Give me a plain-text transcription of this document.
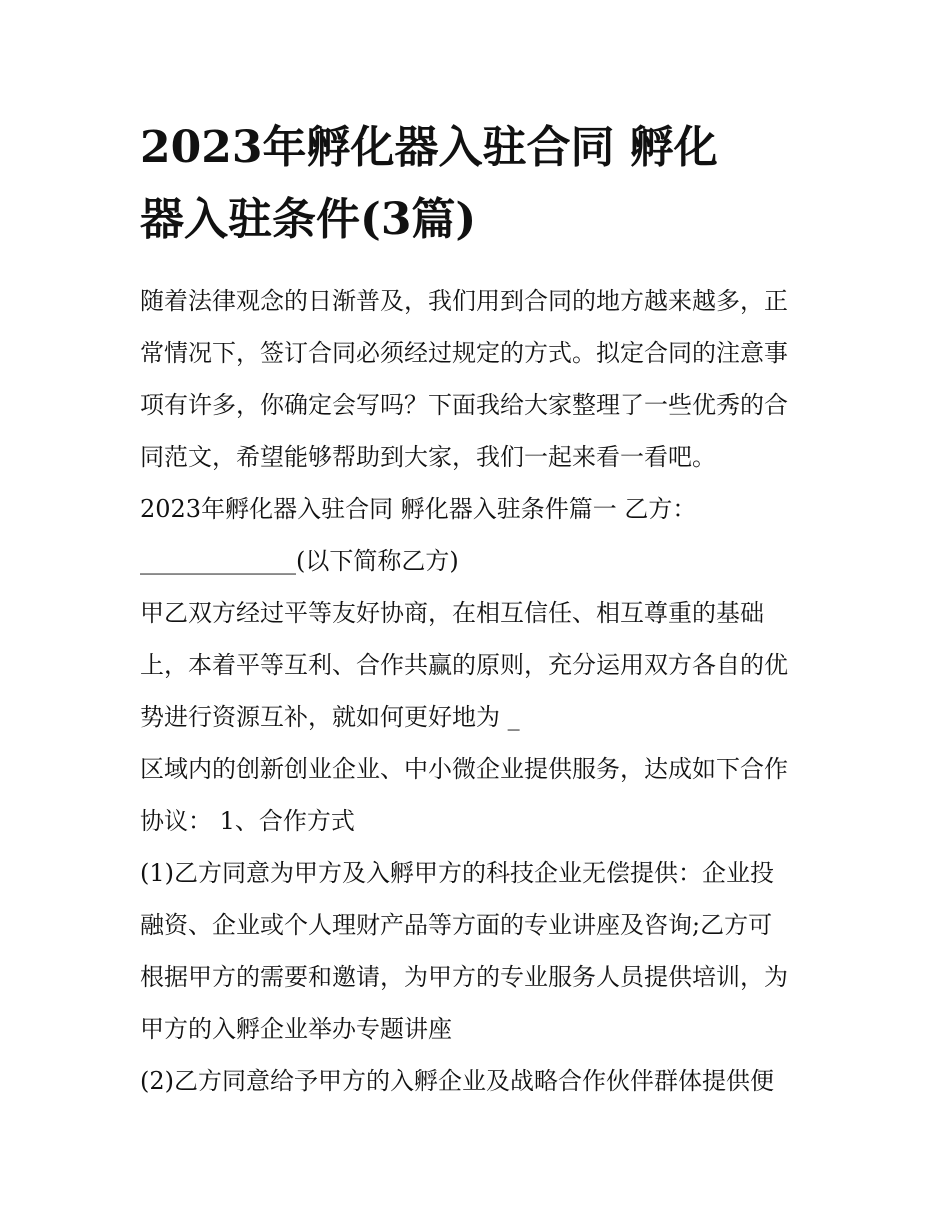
2023年孵化器入驻合同 孵化
器入驻条件(3篇)
随着法律观念的日渐普及，我们用到合同的地方越来越多，正
常情况下，签订合同必须经过规定的方式。拟定合同的注意事
项有许多，你确定会写吗？下面我给大家整理了一些优秀的合
同范文，希望能够帮助到大家，我们一起来看一看吧。
2023年孵化器入驻合同 孵化器入驻条件篇一 乙方：
_____________(以下简称乙方)
甲乙双方经过平等友好协商，在相互信任、相互尊重的基础
上，本着平等互利、合作共赢的原则，充分运用双方各自的优
势进行资源互补，就如何更好地为 _
区域内的创新创业企业、中小微企业提供服务，达成如下合作
协议： 1、合作方式
(1)乙方同意为甲方及入孵甲方的科技企业无偿提供：企业投
融资、企业或个人理财产品等方面的专业讲座及咨询;乙方可
根据甲方的需要和邀请，为甲方的专业服务人员提供培训，为
甲方的入孵企业举办专题讲座
(2)乙方同意给予甲方的入孵企业及战略合作伙伴群体提供便
